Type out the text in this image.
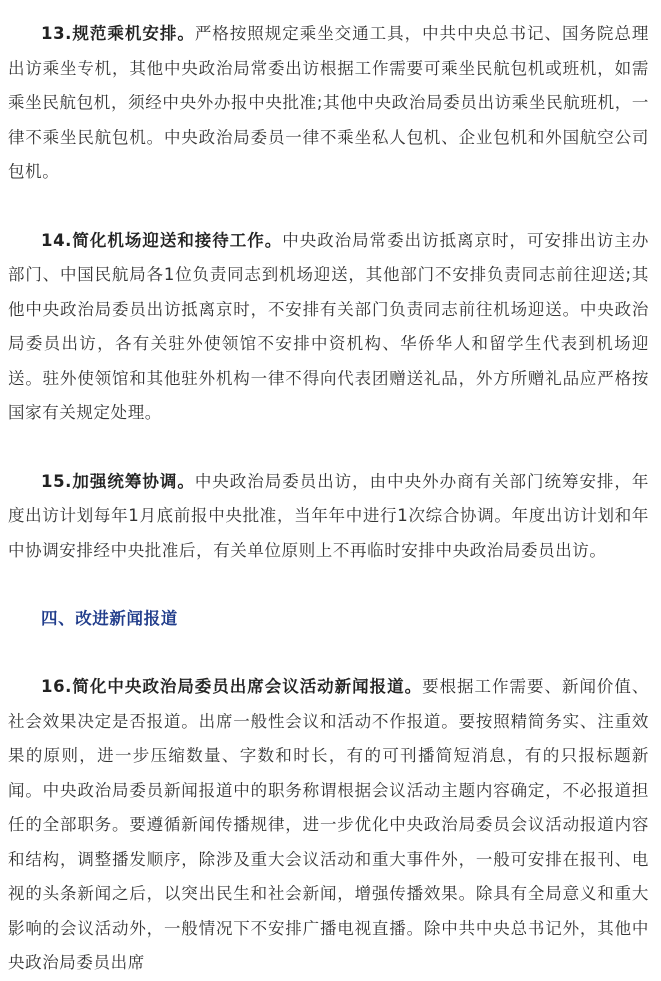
13.规范乘机安排。严格按照规定乘坐交通工具，中共中央总书记、国务院总理出访乘坐专机，其他中央政治局常委出访根据工作需要可乘坐民航包机或班机，如需乘坐民航包机，须经中央外办报中央批准;其他中央政治局委员出访乘坐民航班机，一律不乘坐民航包机。中央政治局委员一律不乘坐私人包机、企业包机和外国航空公司包机。

14.简化机场迎送和接待工作。中央政治局常委出访抵离京时，可安排出访主办部门、中国民航局各1位负责同志到机场迎送，其他部门不安排负责同志前往迎送;其他中央政治局委员出访抵离京时，不安排有关部门负责同志前往机场迎送。中央政治局委员出访，各有关驻外使领馆不安排中资机构、华侨华人和留学生代表到机场迎送。驻外使领馆和其他驻外机构一律不得向代表团赠送礼品，外方所赠礼品应严格按国家有关规定处理。

15.加强统筹协调。中央政治局委员出访，由中央外办商有关部门统筹安排，年度出访计划每年1月底前报中央批准，当年年中进行1次综合协调。年度出访计划和年中协调安排经中央批准后，有关单位原则上不再临时安排中央政治局委员出访。

四、改进新闻报道

16.简化中央政治局委员出席会议活动新闻报道。要根据工作需要、新闻价值、社会效果决定是否报道。出席一般性会议和活动不作报道。要按照精简务实、注重效果的原则，进一步压缩数量、字数和时长，有的可刊播简短消息，有的只报标题新闻。中央政治局委员新闻报道中的职务称谓根据会议活动主题内容确定，不必报道担任的全部职务。要遵循新闻传播规律，进一步优化中央政治局委员会议活动报道内容和结构，调整播发顺序，除涉及重大会议活动和重大事件外，一般可安排在报刊、电视的头条新闻之后，以突出民生和社会新闻，增强传播效果。除具有全局意义和重大影响的会议活动外，一般情况下不安排广播电视直播。除中共中央总书记外，其他中央政治局委员出席
